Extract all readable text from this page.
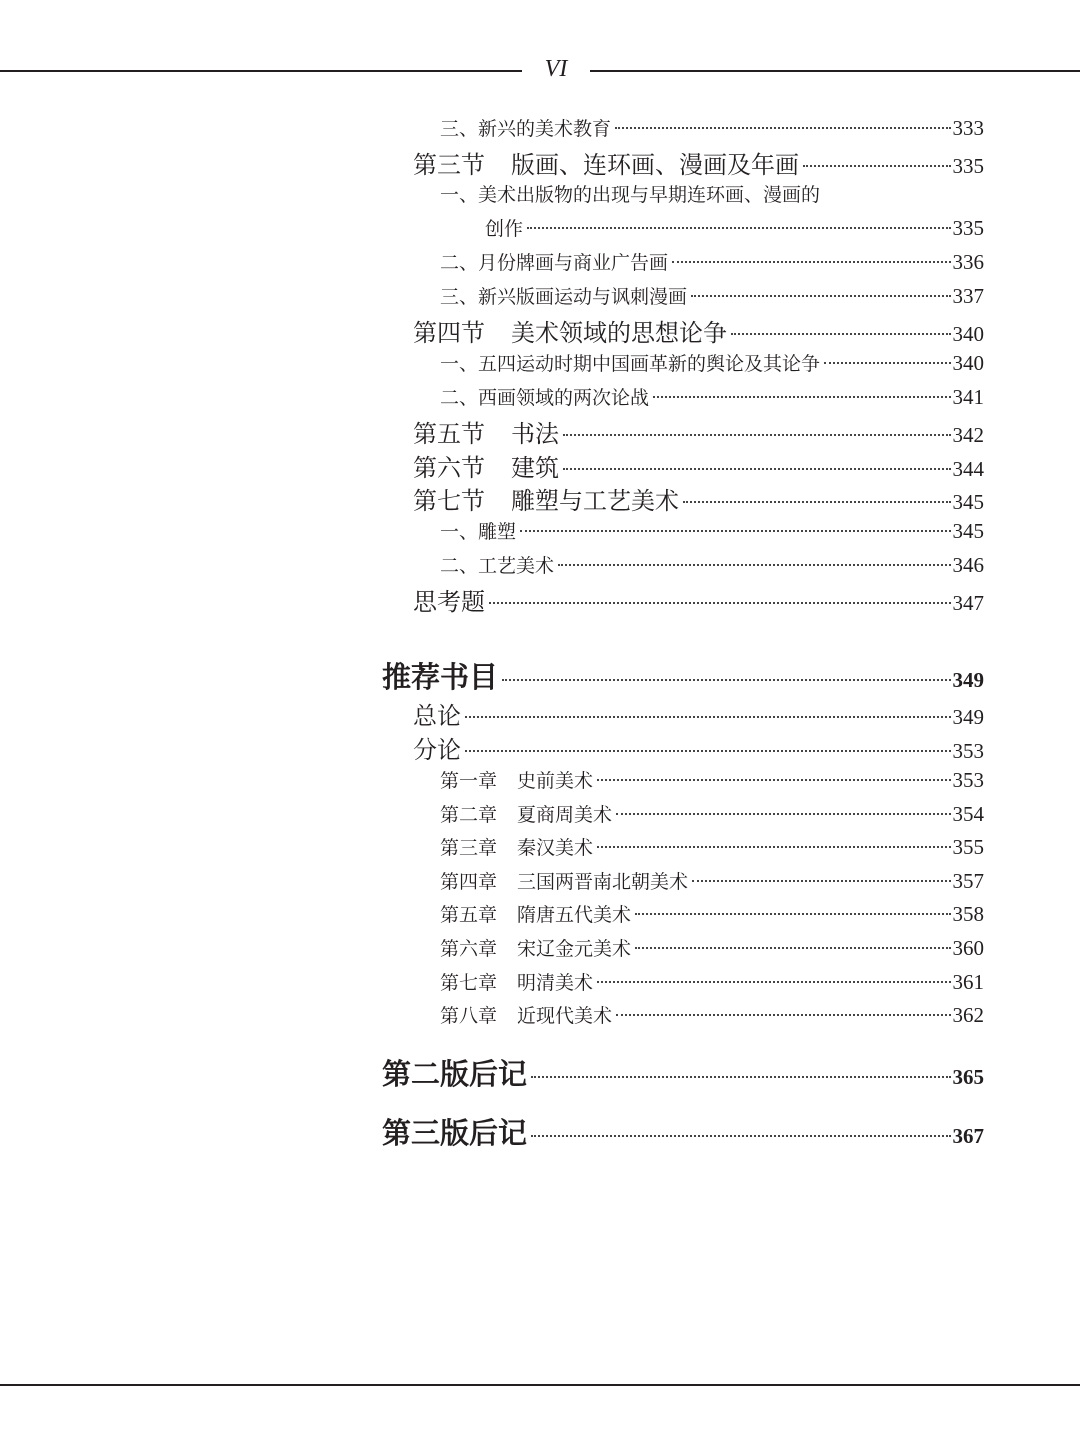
VI
三、新兴的美术教育	333
第三节 版画、连环画、漫画及年画	335
一、美术出版物的出现与早期连环画、漫画的
创作	335
二、月份牌画与商业广告画	336
三、新兴版画运动与讽刺漫画	337
第四节 美术领域的思想论争	340
一、五四运动时期中国画革新的舆论及其论争	340
二、西画领域的两次论战	341
第五节 书法	342
第六节 建筑	344
第七节 雕塑与工艺美术	345
一、雕塑	345
二、工艺美术	346
思考题	347
推荐书目	349
总论	349
分论	353
第一章 史前美术	353
第二章 夏商周美术	354
第三章 秦汉美术	355
第四章 三国两晋南北朝美术	357
第五章 隋唐五代美术	358
第六章 宋辽金元美术	360
第七章 明清美术	361
第八章 近现代美术	362
第二版后记	365
第三版后记	367
